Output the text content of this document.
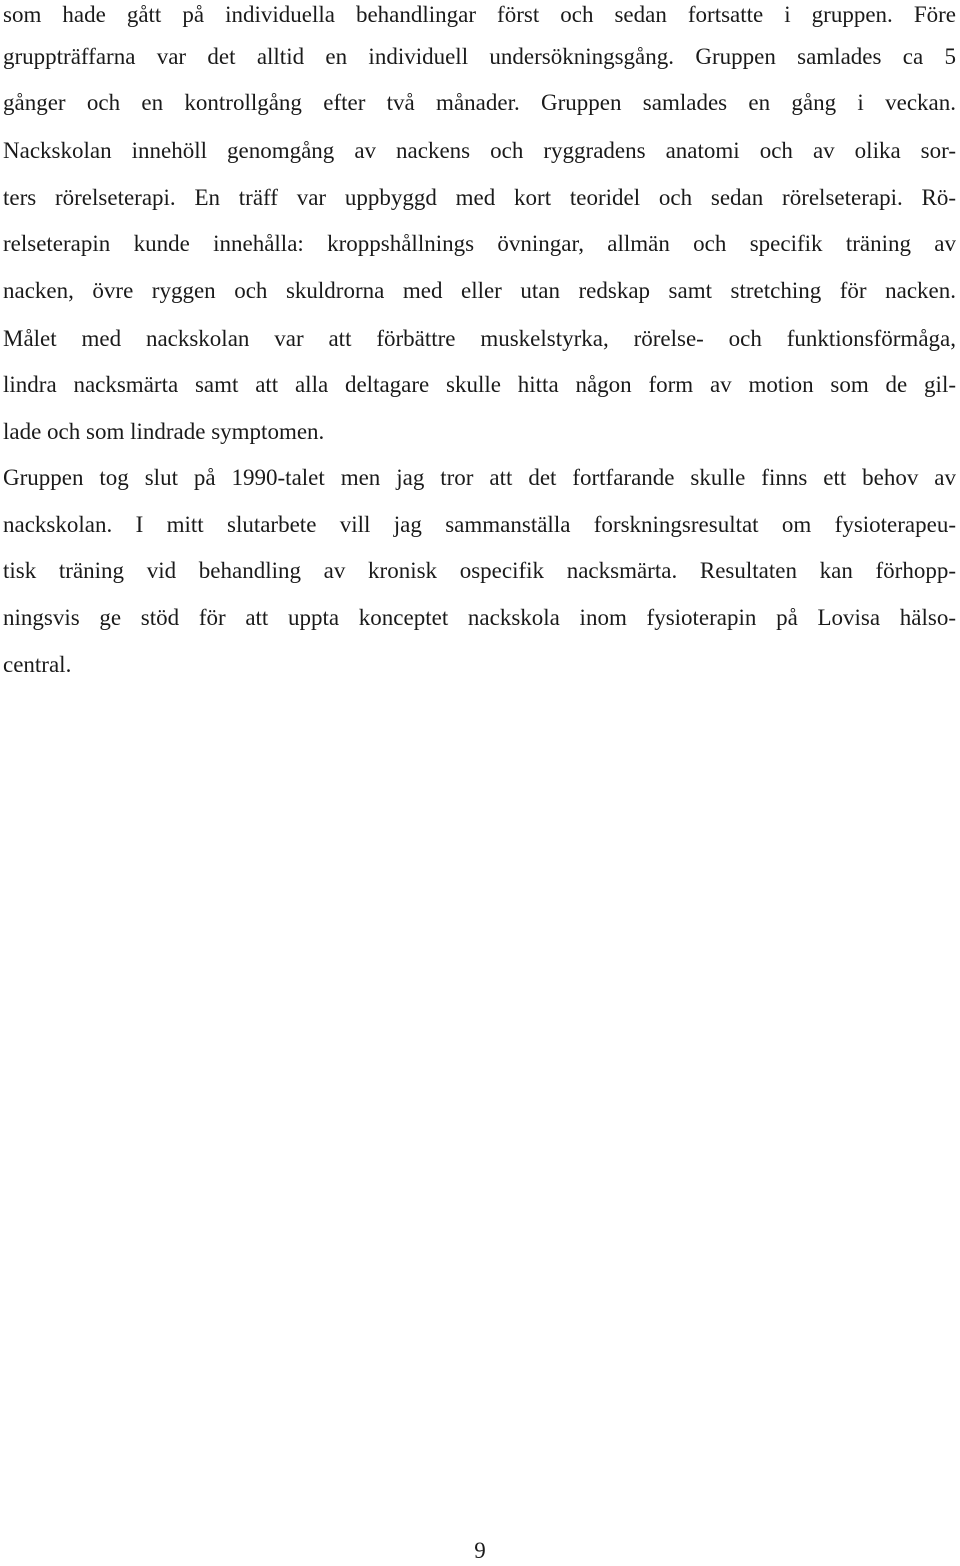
som hade gått på individuella behandlingar först och sedan fortsatte i gruppen. Före
gruppträffarna var det alltid en individuell undersökningsgång. Gruppen samlades ca 5
gånger och en kontrollgång efter två månader. Gruppen samlades en gång i veckan.
Nackskolan innehöll genomgång av nackens och ryggradens anatomi och av olika sor-
ters rörelseterapi. En träff var uppbyggd med kort teoridel och sedan rörelseterapi. Rö-
relseterapin kunde innehålla: kroppshållnings övningar, allmän och specifik träning av
nacken, övre ryggen och skuldrorna med eller utan redskap samt stretching för nacken.
Målet med nackskolan var att förbättre muskelstyrka, rörelse- och funktionsförmåga,
lindra nacksmärta samt att alla deltagare skulle hitta någon form av motion som de gil-
lade och som lindrade symptomen.
Gruppen tog slut på 1990-talet men jag tror att det fortfarande skulle finns ett behov av
nackskolan. I mitt slutarbete vill jag sammanställa forskningsresultat om fysioterapeu-
tisk träning vid behandling av kronisk ospecifik nacksmärta. Resultaten kan förhopp-
ningsvis ge stöd för att uppta konceptet nackskola inom fysioterapin på Lovisa hälso-
central.
9
